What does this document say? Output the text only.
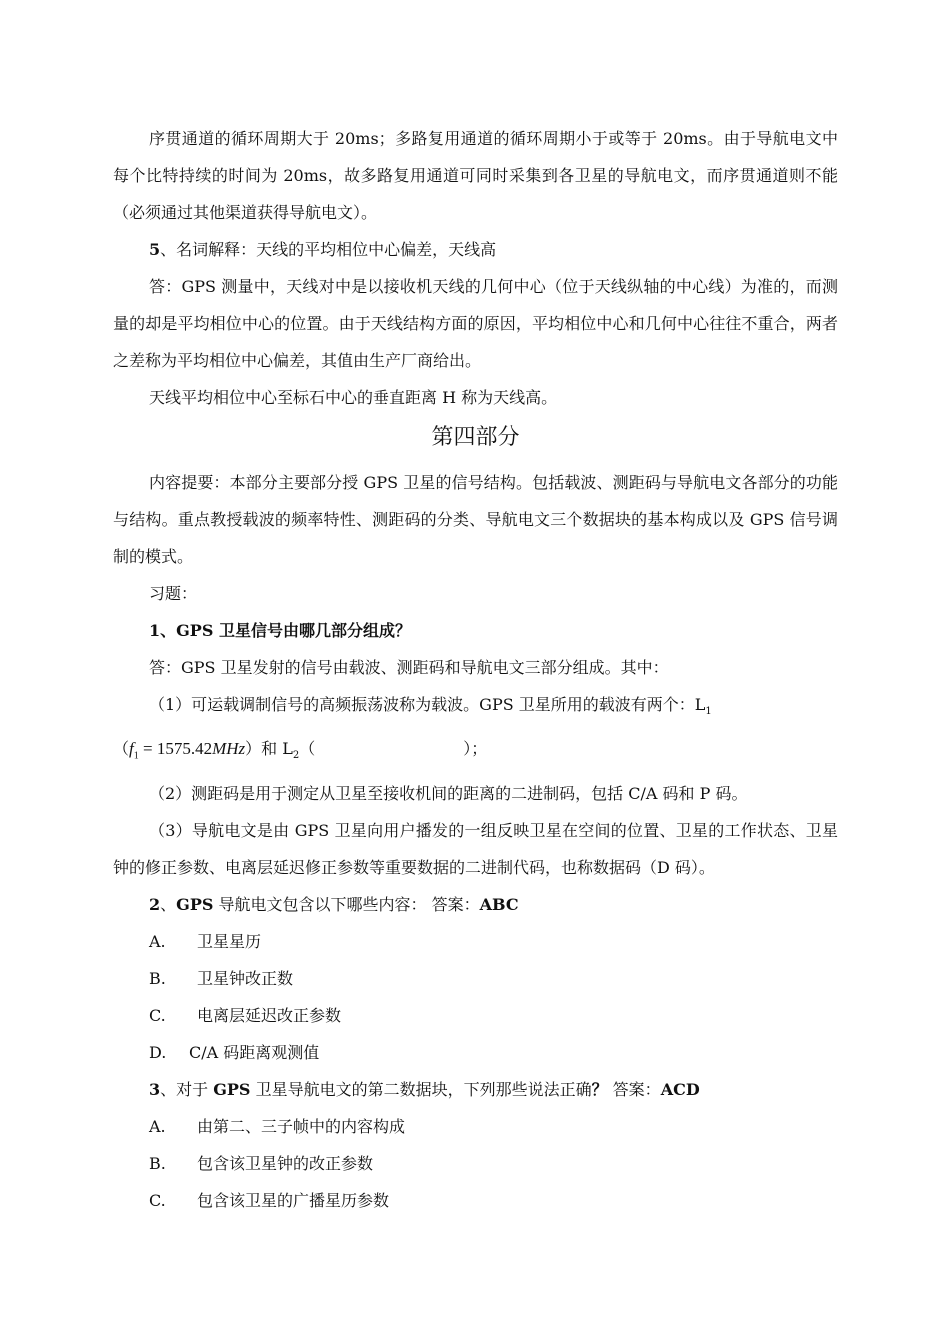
序贯通道的循环周期大于 20ms；多路复用通道的循环周期小于或等于 20ms。由于导航电文中每个比特持续的时间为 20ms，故多路复用通道可同时采集到各卫星的导航电文，而序贯通道则不能（必须通过其他渠道获得导航电文）。

5、名词解释：天线的平均相位中心偏差，天线高

答：GPS 测量中，天线对中是以接收机天线的几何中心（位于天线纵轴的中心线）为准的，而测量的却是平均相位中心的位置。由于天线结构方面的原因，平均相位中心和几何中心往往不重合，两者之差称为平均相位中心偏差，其值由生产厂商给出。

天线平均相位中心至标石中心的垂直距离 H 称为天线高。

第四部分

内容提要：本部分主要部分授 GPS 卫星的信号结构。包括载波、测距码与导航电文各部分的功能与结构。重点教授载波的频率特性、测距码的分类、导航电文三个数据块的基本构成以及 GPS 信号调制的模式。

习题：

1、GPS 卫星信号由哪几部分组成？

答：GPS 卫星发射的信号由载波、测距码和导航电文三部分组成。其中：

（1）可运载调制信号的高频振荡波称为载波。GPS 卫星所用的载波有两个：$L_1$

$(f_1 = 1575.42MHz)$和 $L_2$（	）；

（2）测距码是用于测定从卫星至接收机间的距离的二进制码，包括 C/A 码和 P 码。

（3）导航电文是由 GPS 卫星向用户播发的一组反映卫星在空间的位置、卫星的工作状态、卫星钟的修正参数、电离层延迟修正参数等重要数据的二进制代码，也称数据码（D 码）。

2、GPS 导航电文包含以下哪些内容： 答案：ABC

A.	卫星星历

B.	卫星钟改正数

C.	电离层延迟改正参数

D.	C/A 码距离观测值

3、对于 GPS 卫星导航电文的第二数据块，下列那些说法正确？ 答案：ACD

A.	由第二、三子帧中的内容构成

B.	包含该卫星钟的改正参数

C.	包含该卫星的广播星历参数
